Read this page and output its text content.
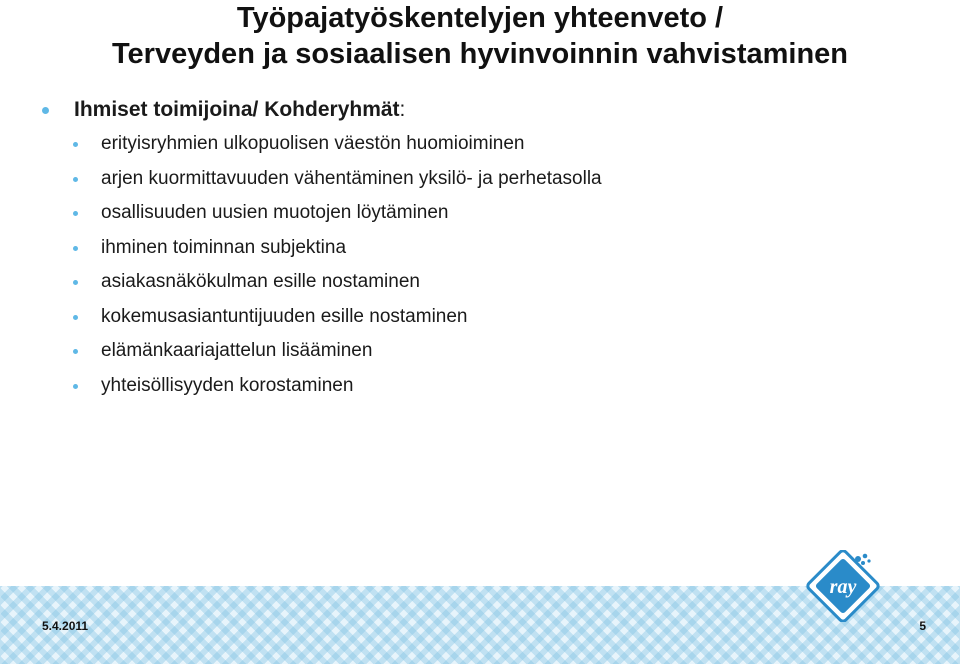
Työpajatyöskentelyjen yhteenveto /
Terveyden ja sosiaalisen hyvinvoinnin vahvistaminen
Ihmiset toimijoina/ Kohderyhmät:
erityisryhmien ulkopuolisen väestön huomioiminen
arjen kuormittavuuden vähentäminen yksilö- ja perhetasolla
osallisuuden uusien muotojen löytäminen
ihminen toiminnan subjektina
asiakasnäkökulman esille nostaminen
kokemusasiantuntijuuden esille nostaminen
elämänkaariajattelun lisääminen
yhteisöllisyyden korostaminen
ray
5.4.2011	5
